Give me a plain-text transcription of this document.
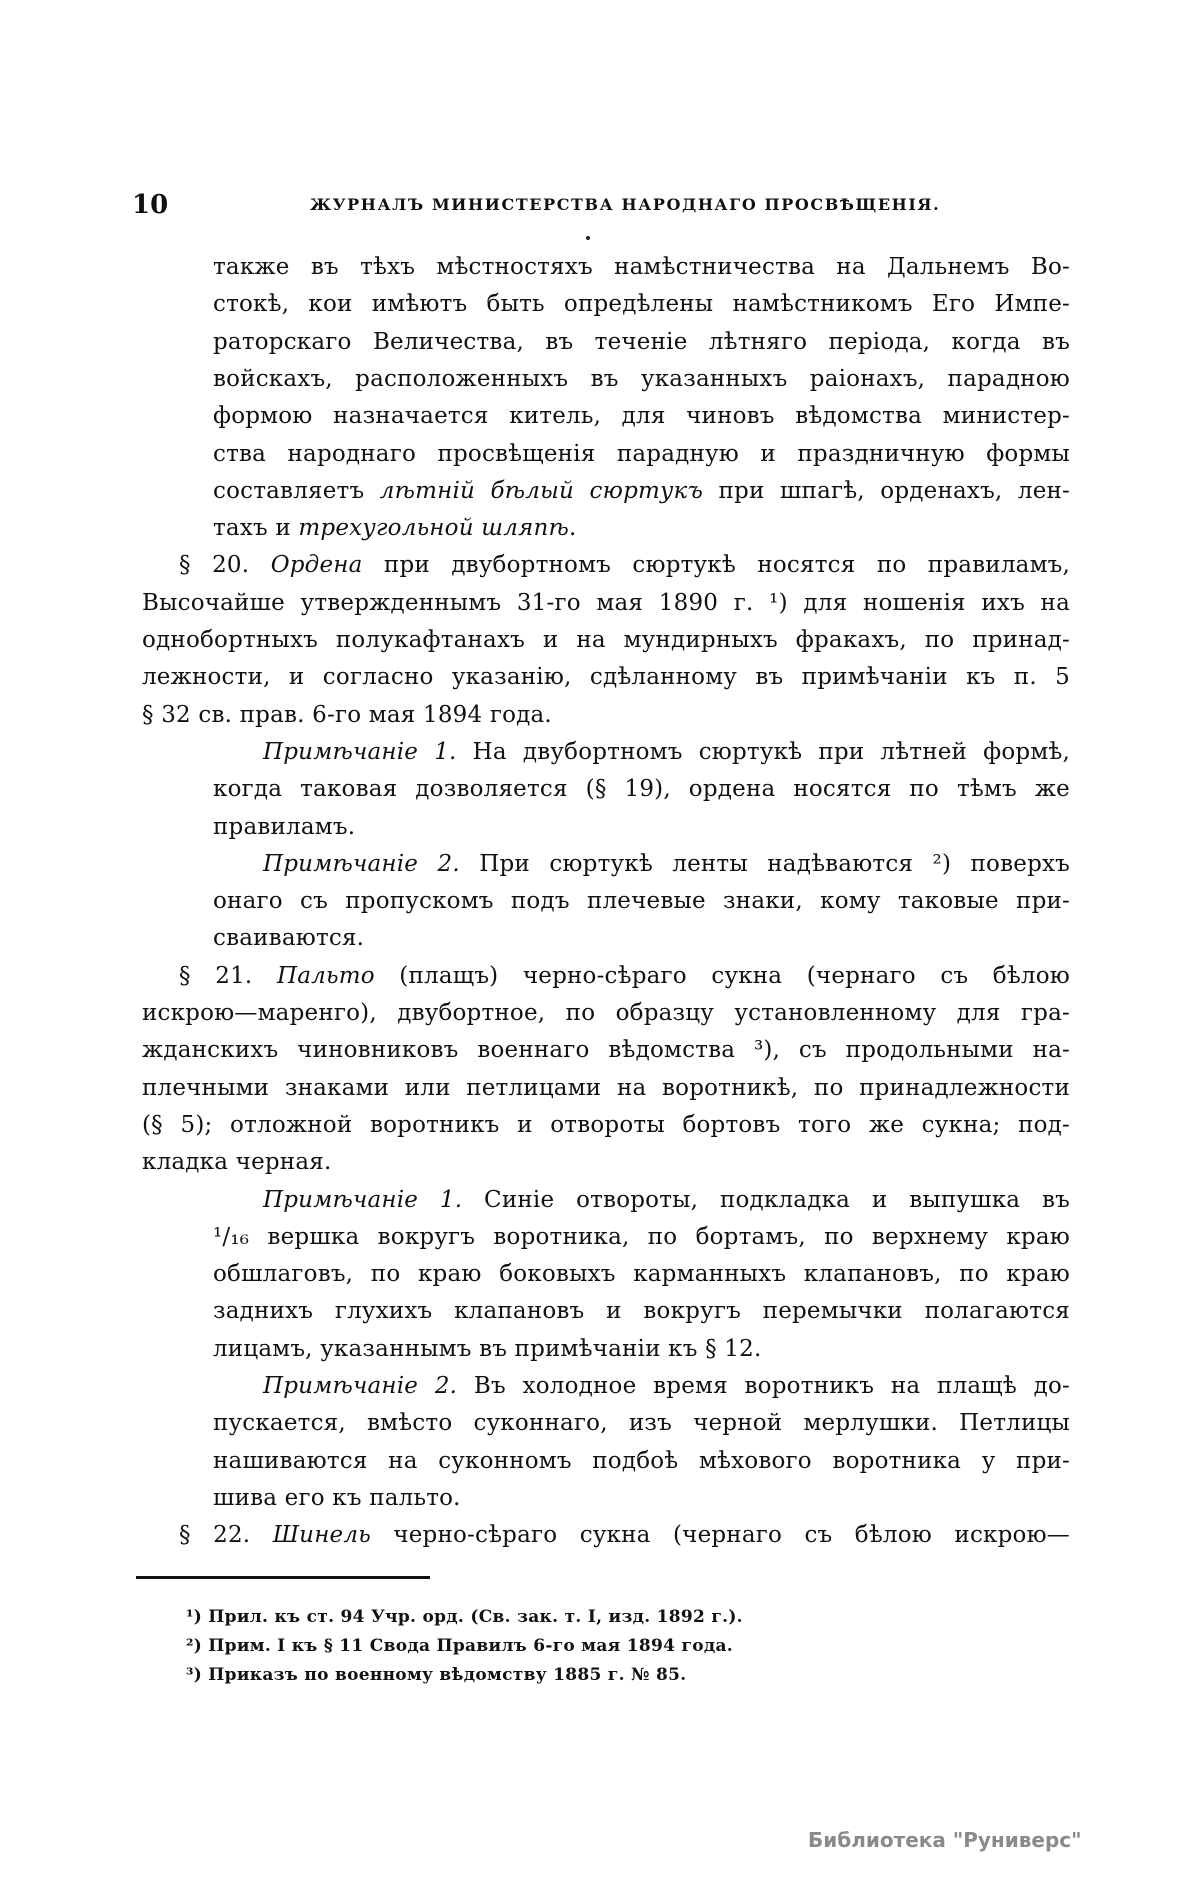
10	ЖУРНАЛЪ МИНИСТЕРСТВА НАРОДНАГО ПРОСВѢЩЕНІЯ.
также въ тѣхъ мѣстностяхъ намѣстничества на Дальнемъ Во-
стокѣ, кои имѣютъ быть опредѣлены намѣстникомъ Его Импе-
раторскаго Величества, въ теченіе лѣтняго періода, когда въ
войскахъ, расположенныхъ въ указанныхъ раіонахъ, парадною
формою назначается китель, для чиновъ вѣдомства министер-
ства народнаго просвѣщенія парадную и праздничную формы
составляетъ лѣтній бѣлый сюртукъ при шпагѣ, орденахъ, лен-
тахъ и трехугольной шляпѣ.
§ 20. Ордена при двубортномъ сюртукѣ носятся по правиламъ,
Высочайше утвержденнымъ 31-го мая 1890 г. ¹) для ношенія ихъ на
однобортныхъ полукафтанахъ и на мундирныхъ фракахъ, по принад-
лежности, и согласно указанію, сдѣланному въ примѣчаніи къ п. 5
§ 32 св. прав. 6-го мая 1894 года.
Примѣчаніе 1. На двубортномъ сюртукѣ при лѣтней формѣ,
когда таковая дозволяется (§ 19), ордена носятся по тѣмъ же
правиламъ.
Примѣчаніе 2. При сюртукѣ ленты надѣваются ²) поверхъ
онаго съ пропускомъ подъ плечевые знаки, кому таковые при-
сваиваются.
§ 21. Пальто (плащъ) черно-сѣраго сукна (чернаго съ бѣлою
искрою—маренго), двубортное, по образцу установленному для гра-
жданскихъ чиновниковъ военнаго вѣдомства ³), съ продольными на-
плечными знаками или петлицами на воротникѣ, по принадлежности
(§ 5); отложной воротникъ и отвороты бортовъ того же сукна; под-
кладка черная.
Примѣчаніе 1. Синіе отвороты, подкладка и выпушка въ
¹/₁₆ вершка вокругъ воротника, по бортамъ, по верхнему краю
обшлаговъ, по краю боковыхъ карманныхъ клапановъ, по краю
заднихъ глухихъ клапановъ и вокругъ перемычки полагаются
лицамъ, указаннымъ въ примѣчаніи къ § 12.
Примѣчаніе 2. Въ холодное время воротникъ на плащѣ до-
пускается, вмѣсто суконнаго, изъ черной мерлушки. Петлицы
нашиваются на суконномъ подбоѣ мѣхового воротника у при-
шива его къ пальто.
§ 22. Шинель черно-сѣраго сукна (чернаго съ бѣлою искрою—
¹) Прил. къ ст. 94 Учр. орд. (Св. зак. т. I, изд. 1892 г.).
²) Прим. I къ § 11 Свода Правилъ 6-го мая 1894 года.
³) Приказъ по военному вѣдомству 1885 г. № 85.
Библиотека "Руниверс"
